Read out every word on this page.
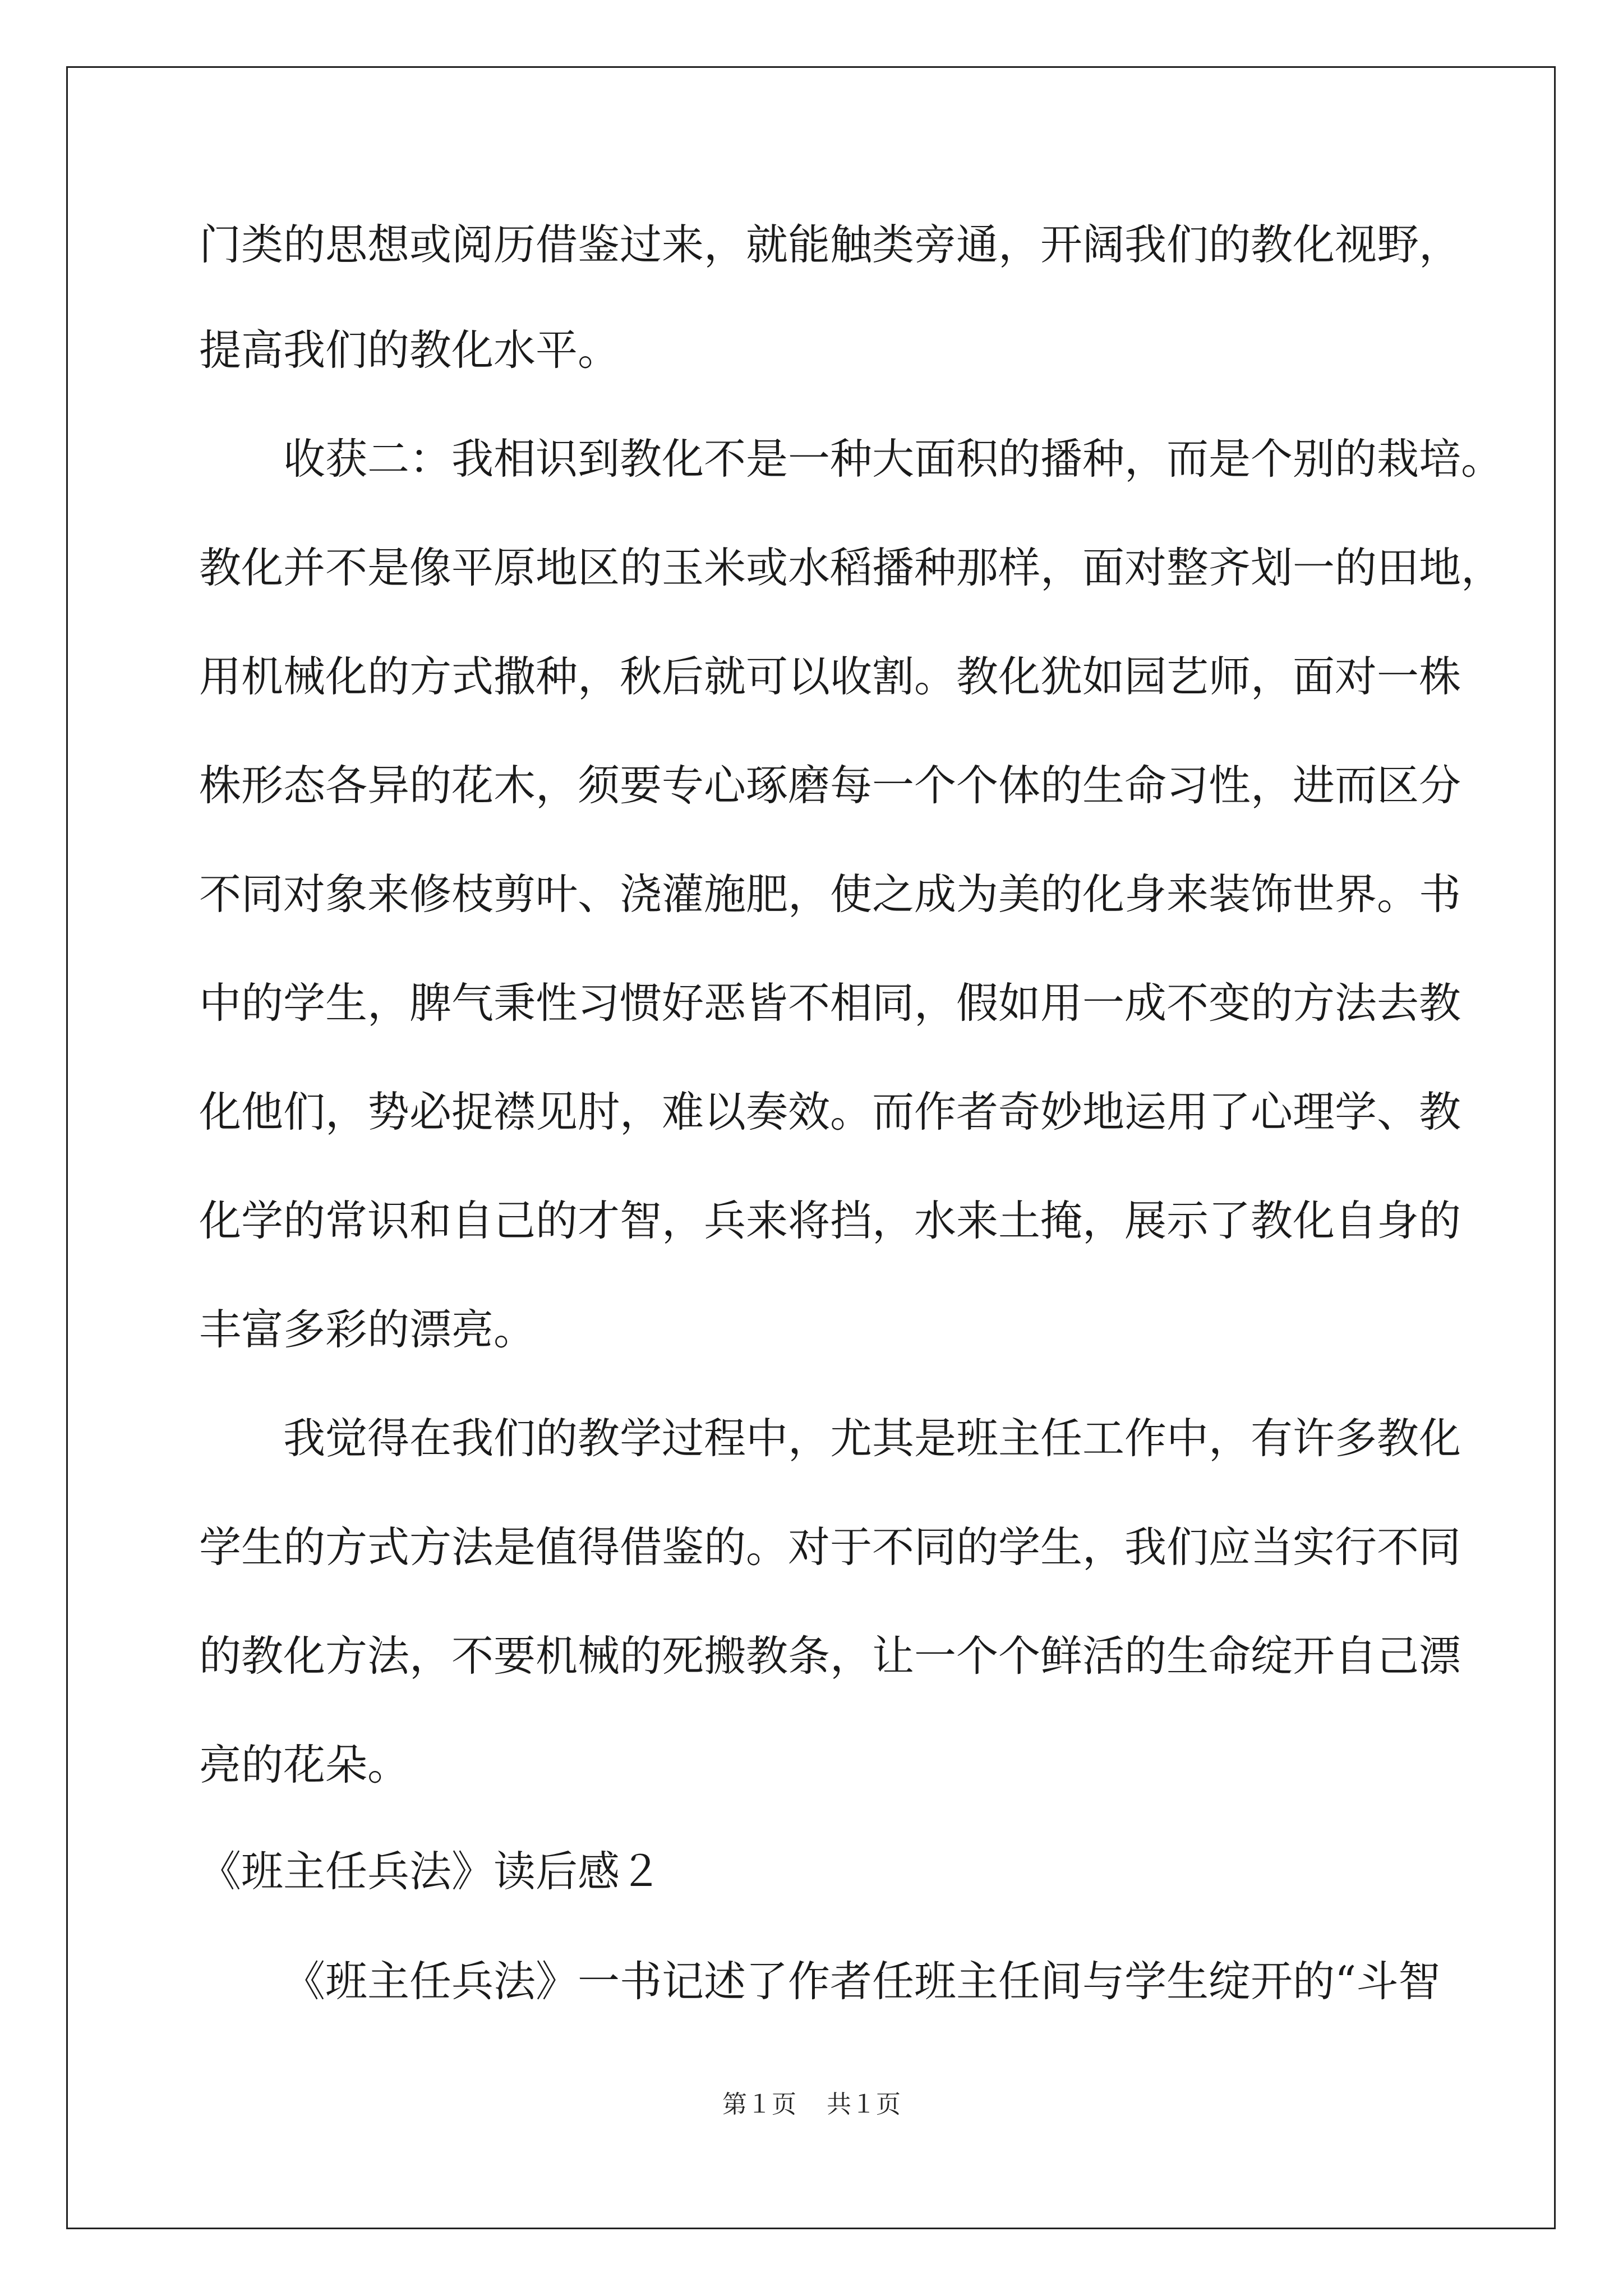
门类的思想或阅历借鉴过来，就能触类旁通，开阔我们的教化视野，
提高我们的教化水平。
收获二：我相识到教化不是一种大面积的播种，而是个别的栽培。
教化并不是像平原地区的玉米或水稻播种那样，面对整齐划一的田地，
用机械化的方式撒种，秋后就可以收割。教化犹如园艺师，面对一株
株形态各异的花木，须要专心琢磨每一个个体的生命习性，进而区分
不同对象来修枝剪叶、浇灌施肥，使之成为美的化身来装饰世界。书
中的学生，脾气秉性习惯好恶皆不相同，假如用一成不变的方法去教
化他们，势必捉襟见肘，难以奏效。而作者奇妙地运用了心理学、教
化学的常识和自己的才智，兵来将挡，水来土掩，展示了教化自身的
丰富多彩的漂亮。
我觉得在我们的教学过程中，尤其是班主任工作中，有许多教化
学生的方式方法是值得借鉴的。对于不同的学生，我们应当实行不同
的教化方法，不要机械的死搬教条，让一个个鲜活的生命绽开自己漂
亮的花朵。
《班主任兵法》读后感２
《班主任兵法》一书记述了作者任班主任间与学生绽开的“斗智
第１页 共１页
